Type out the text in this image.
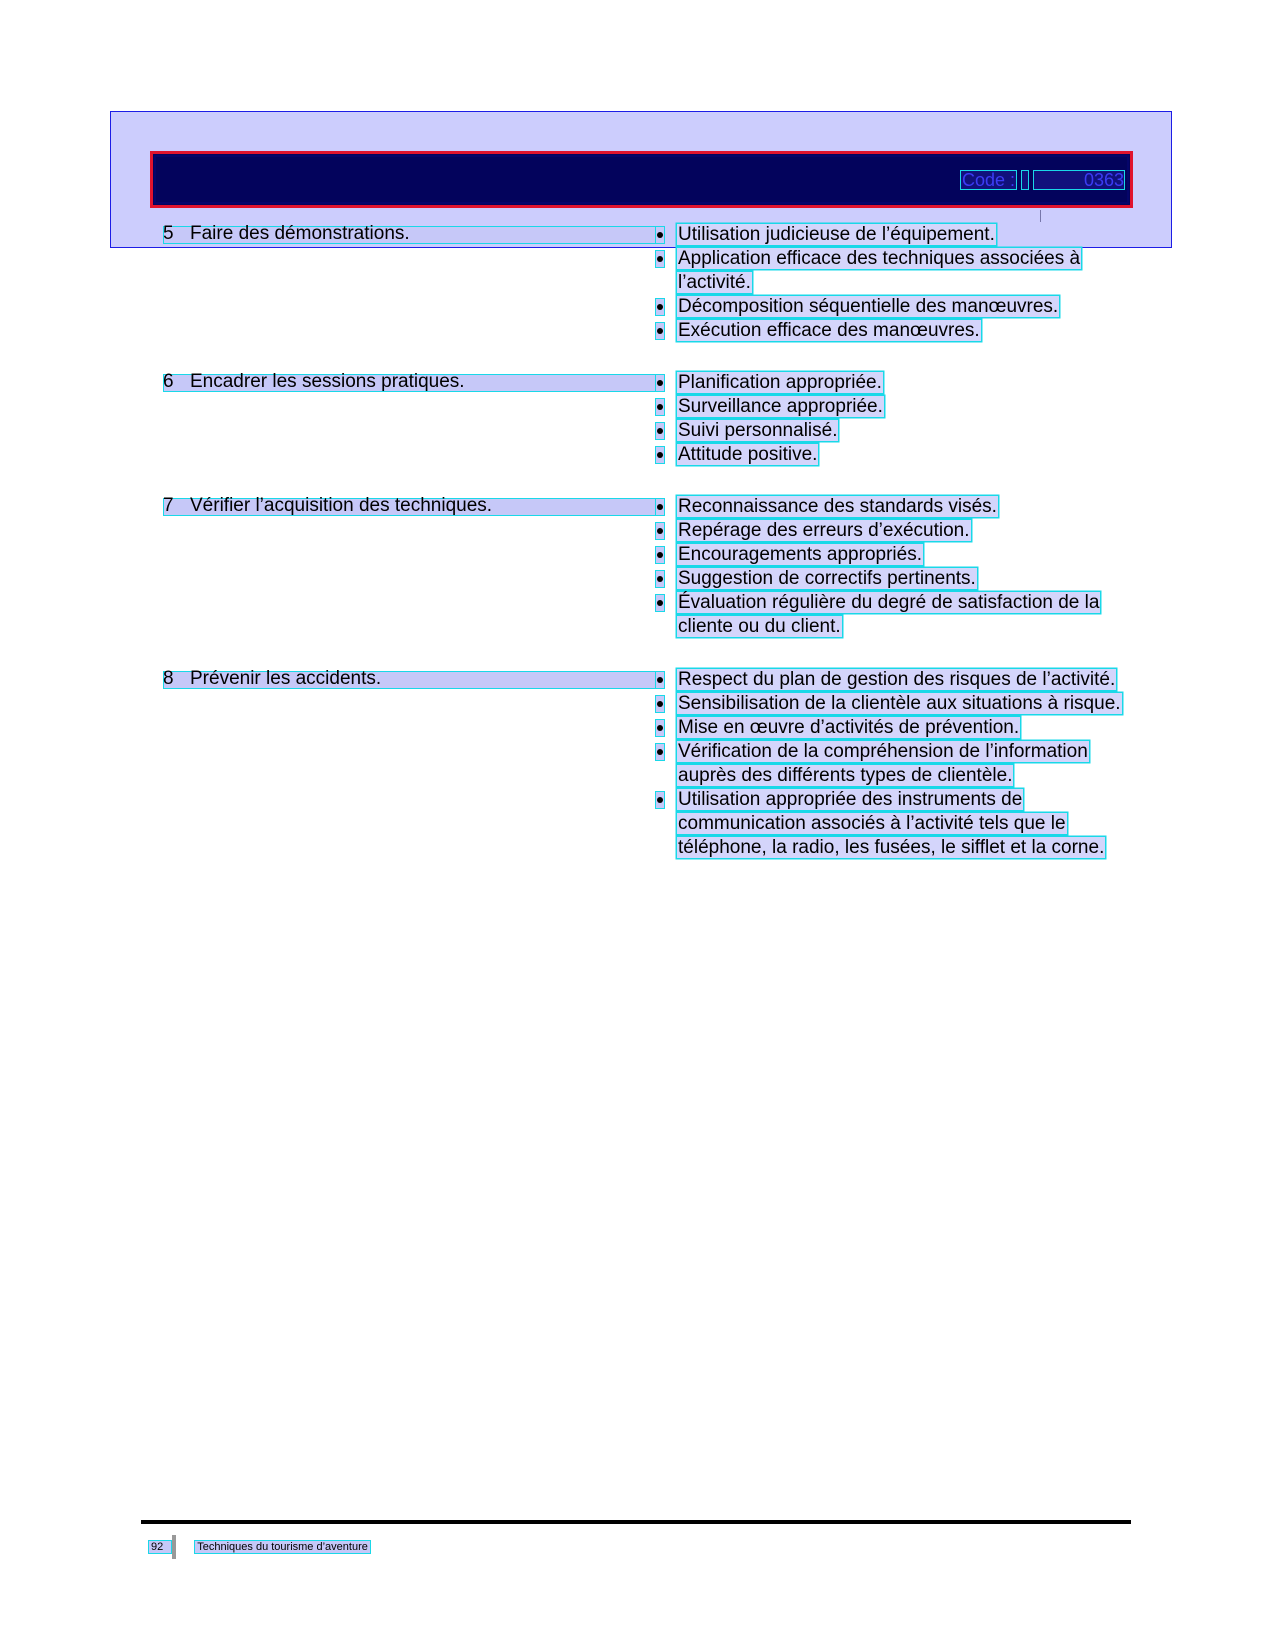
Code :	0363
5 Faire des démonstrations.	Utilisation judicieuse de l’équipement.
Application efficace des techniques associées à l’activité.
Décomposition séquentielle des manœuvres.
Exécution efficace des manœuvres.
6 Encadrer les sessions pratiques.	Planification appropriée.
Surveillance appropriée.
Suivi personnalisé.
Attitude positive.
7 Vérifier l’acquisition des techniques.	Reconnaissance des standards visés.
Repérage des erreurs d’exécution.
Encouragements appropriés.
Suggestion de correctifs pertinents.
Évaluation régulière du degré de satisfaction de la cliente ou du client.
8 Prévenir les accidents.	Respect du plan de gestion des risques de l’activité.
Sensibilisation de la clientèle aux situations à risque.
Mise en œuvre d’activités de prévention.
Vérification de la compréhension de l’information auprès des différents types de clientèle.
Utilisation appropriée des instruments de communication associés à l’activité tels que le téléphone, la radio, les fusées, le sifflet et la corne.
92	Techniques du tourisme d’aventure
